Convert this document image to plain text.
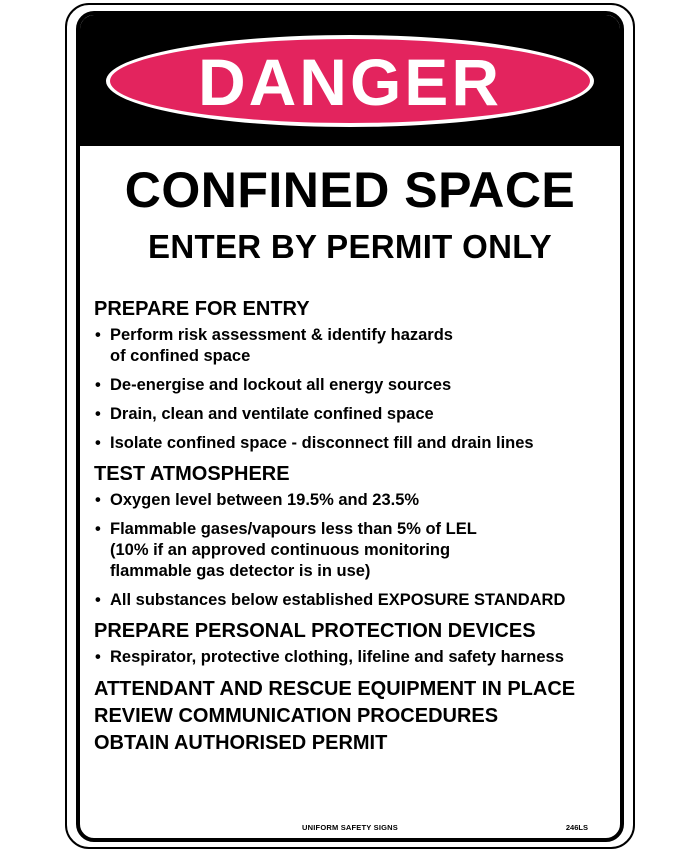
DANGER
CONFINED SPACE
ENTER BY PERMIT ONLY
PREPARE FOR ENTRY
• Perform risk assessment & identify hazards
of confined space
• De-energise and lockout all energy sources
• Drain, clean and ventilate confined space
• Isolate confined space - disconnect fill and drain lines
TEST ATMOSPHERE
• Oxygen level between 19.5% and 23.5%
• Flammable gases/vapours less than 5% of LEL
(10% if an approved continuous monitoring
flammable gas detector is in use)
• All substances below established EXPOSURE STANDARD
PREPARE PERSONAL PROTECTION DEVICES
• Respirator, protective clothing, lifeline and safety harness
ATTENDANT AND RESCUE EQUIPMENT IN PLACE
REVIEW COMMUNICATION PROCEDURES
OBTAIN AUTHORISED PERMIT
UNIFORM SAFETY SIGNS	246LS
